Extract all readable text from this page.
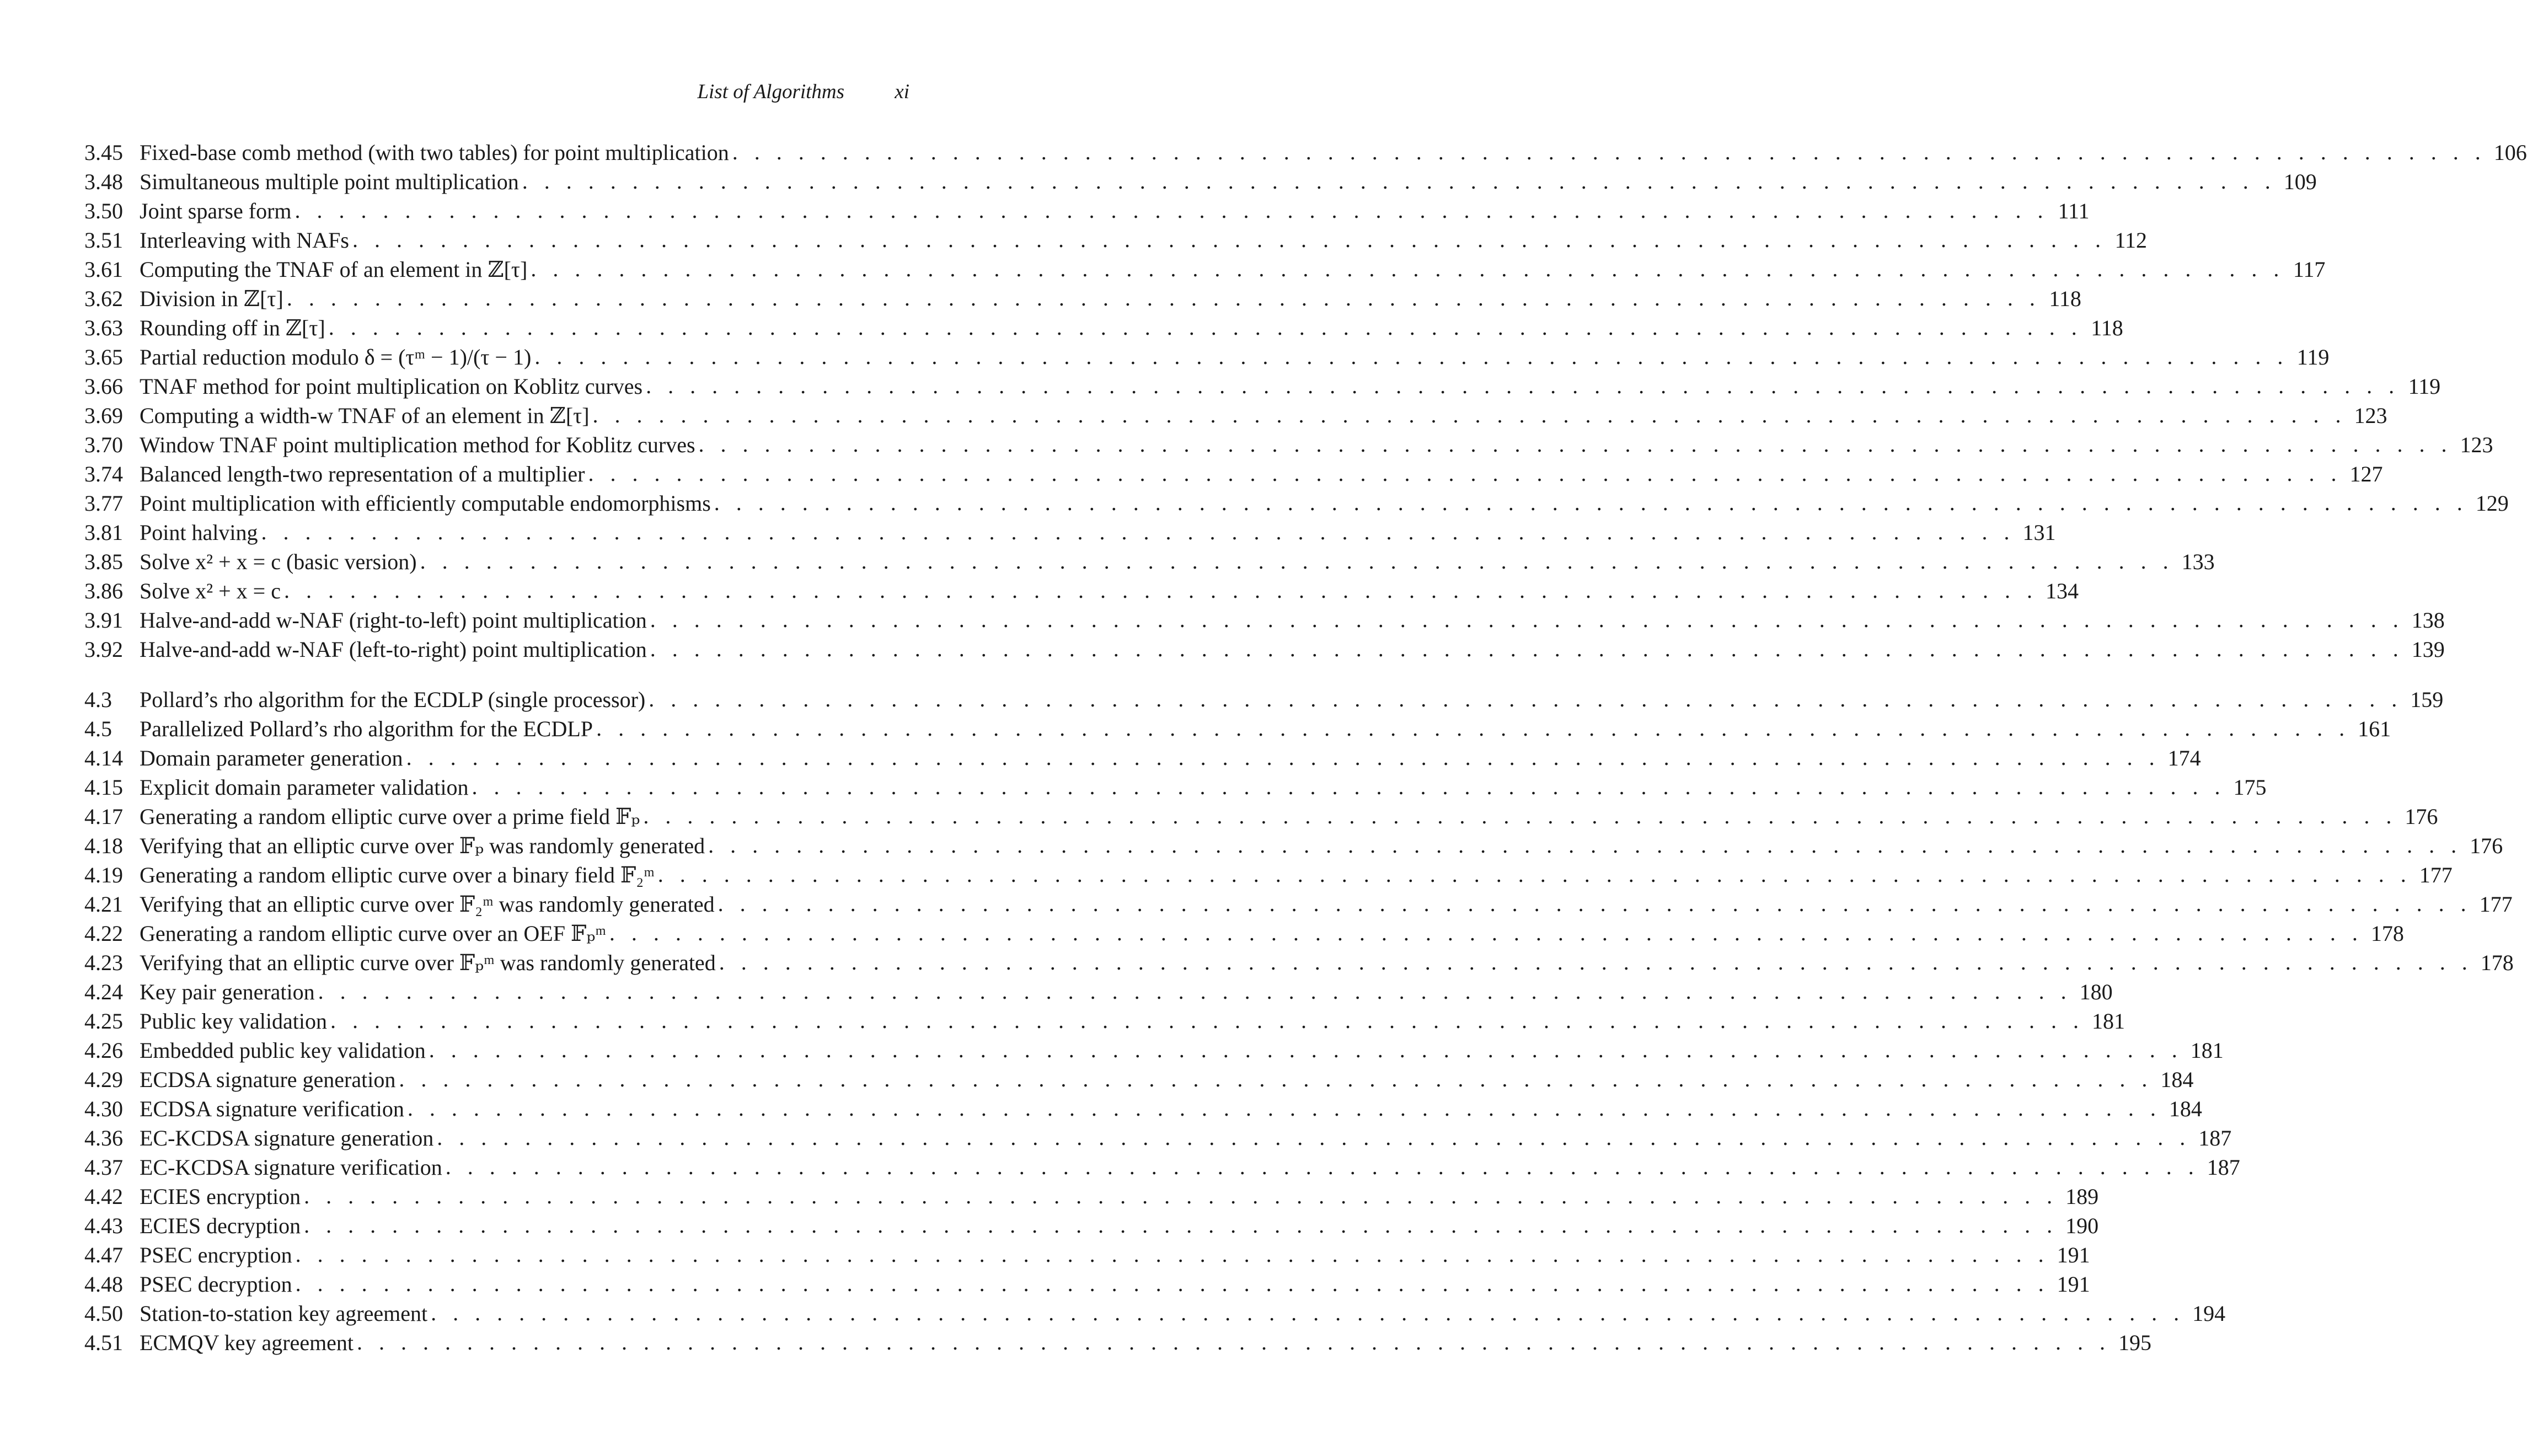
List of Algorithms xi
3.45 Fixed-base comb method (with two tables) for point multiplication . . .	106
3.48 Simultaneous multiple point multiplication . . .	109
3.50 Joint sparse form . . .	111
3.51 Interleaving with NAFs . . .	112
3.61 Computing the TNAF of an element in ℤ[τ] . . .	117
3.62 Division in ℤ[τ] . . .	118
3.63 Rounding off in ℤ[τ] . . .	118
3.65 Partial reduction modulo δ = (τᵐ − 1)/(τ − 1) . . .	119
3.66 TNAF method for point multiplication on Koblitz curves . . .	119
3.69 Computing a width-w TNAF of an element in ℤ[τ] . . .	123
3.70 Window TNAF point multiplication method for Koblitz curves . . .	123
3.74 Balanced length-two representation of a multiplier . . .	127
3.77 Point multiplication with efficiently computable endomorphisms . . .	129
3.81 Point halving . . .	131
3.85 Solve x² + x = c (basic version) . . .	133
3.86 Solve x² + x = c . . .	134
3.91 Halve-and-add w-NAF (right-to-left) point multiplication . . .	138
3.92 Halve-and-add w-NAF (left-to-right) point multiplication . . .	139
4.3	Pollard’s rho algorithm for the ECDLP (single processor) . . .	159
4.5	Parallelized Pollard’s rho algorithm for the ECDLP . . .	161
4.14 Domain parameter generation . . .	174
4.15 Explicit domain parameter validation . . .	175
4.17 Generating a random elliptic curve over a prime field 𝔽ₚ . . .	176
4.18 Verifying that an elliptic curve over 𝔽ₚ was randomly generated . . .	176
4.19 Generating a random elliptic curve over a binary field 𝔽₂ᵐ . . .	177
4.21 Verifying that an elliptic curve over 𝔽₂ᵐ was randomly generated . . .	177
4.22 Generating a random elliptic curve over an OEF 𝔽ₚᵐ . . .	178
4.23 Verifying that an elliptic curve over 𝔽ₚᵐ was randomly generated . . .	178
4.24 Key pair generation . . .	180
4.25 Public key validation . . .	181
4.26 Embedded public key validation . . .	181
4.29 ECDSA signature generation . . .	184
4.30 ECDSA signature verification . . .	184
4.36 EC-KCDSA signature generation . . .	187
4.37 EC-KCDSA signature verification . . .	187
4.42 ECIES encryption . . .	189
4.43 ECIES decryption . . .	190
4.47 PSEC encryption . . .	191
4.48 PSEC decryption . . .	191
4.50 Station-to-station key agreement . . .	194
4.51 ECMQV key agreement . . .	195
